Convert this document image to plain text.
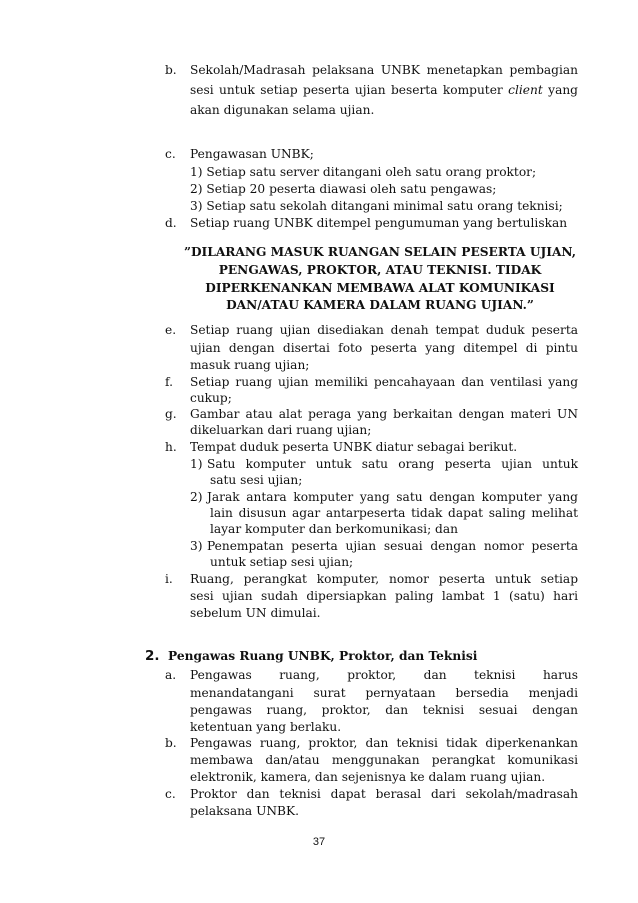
b. Sekolah/Madrasah pelaksana UNBK menetapkan pembagian
sesi untuk setiap peserta ujian beserta komputer client yang
akan digunakan selama ujian.
c. Pengawasan UNBK;
1) Setiap satu server ditangani oleh satu orang proktor;
2) Setiap 20 peserta diawasi oleh satu pengawas;
3) Setiap satu sekolah ditangani minimal satu orang teknisi;
d. Setiap ruang UNBK ditempel pengumuman yang bertuliskan
”DILARANG MASUK RUANGAN SELAIN PESERTA UJIAN,
PENGAWAS, PROKTOR, ATAU TEKNISI. TIDAK
DIPERKENANKAN MEMBAWA ALAT KOMUNIKASI
DAN/ATAU KAMERA DALAM RUANG UJIAN.”
e. Setiap ruang ujian disediakan denah tempat duduk peserta
ujian dengan disertai foto peserta yang ditempel di pintu
masuk ruang ujian;
f. Setiap ruang ujian memiliki pencahayaan dan ventilasi yang
cukup;
g. Gambar atau alat peraga yang berkaitan dengan materi UN
dikeluarkan dari ruang ujian;
h. Tempat duduk peserta UNBK diatur sebagai berikut.
1) Satu komputer untuk satu orang peserta ujian untuk
satu sesi ujian;
2) Jarak antara komputer yang satu dengan komputer yang
lain disusun agar antarpeserta tidak dapat saling melihat
layar komputer dan berkomunikasi; dan
3) Penempatan peserta ujian sesuai dengan nomor peserta
untuk setiap sesi ujian;
i. Ruang, perangkat komputer, nomor peserta untuk setiap
sesi ujian sudah dipersiapkan paling lambat 1 (satu) hari
sebelum UN dimulai.
2. Pengawas Ruang UNBK, Proktor, dan Teknisi
a. Pengawas ruang, proktor, dan teknisi harus
menandatangani surat pernyataan bersedia menjadi
pengawas ruang, proktor, dan teknisi sesuai dengan
ketentuan yang berlaku.
b. Pengawas ruang, proktor, dan teknisi tidak diperkenankan
membawa dan/atau menggunakan perangkat komunikasi
elektronik, kamera, dan sejenisnya ke dalam ruang ujian.
c. Proktor dan teknisi dapat berasal dari sekolah/madrasah
pelaksana UNBK.
37
